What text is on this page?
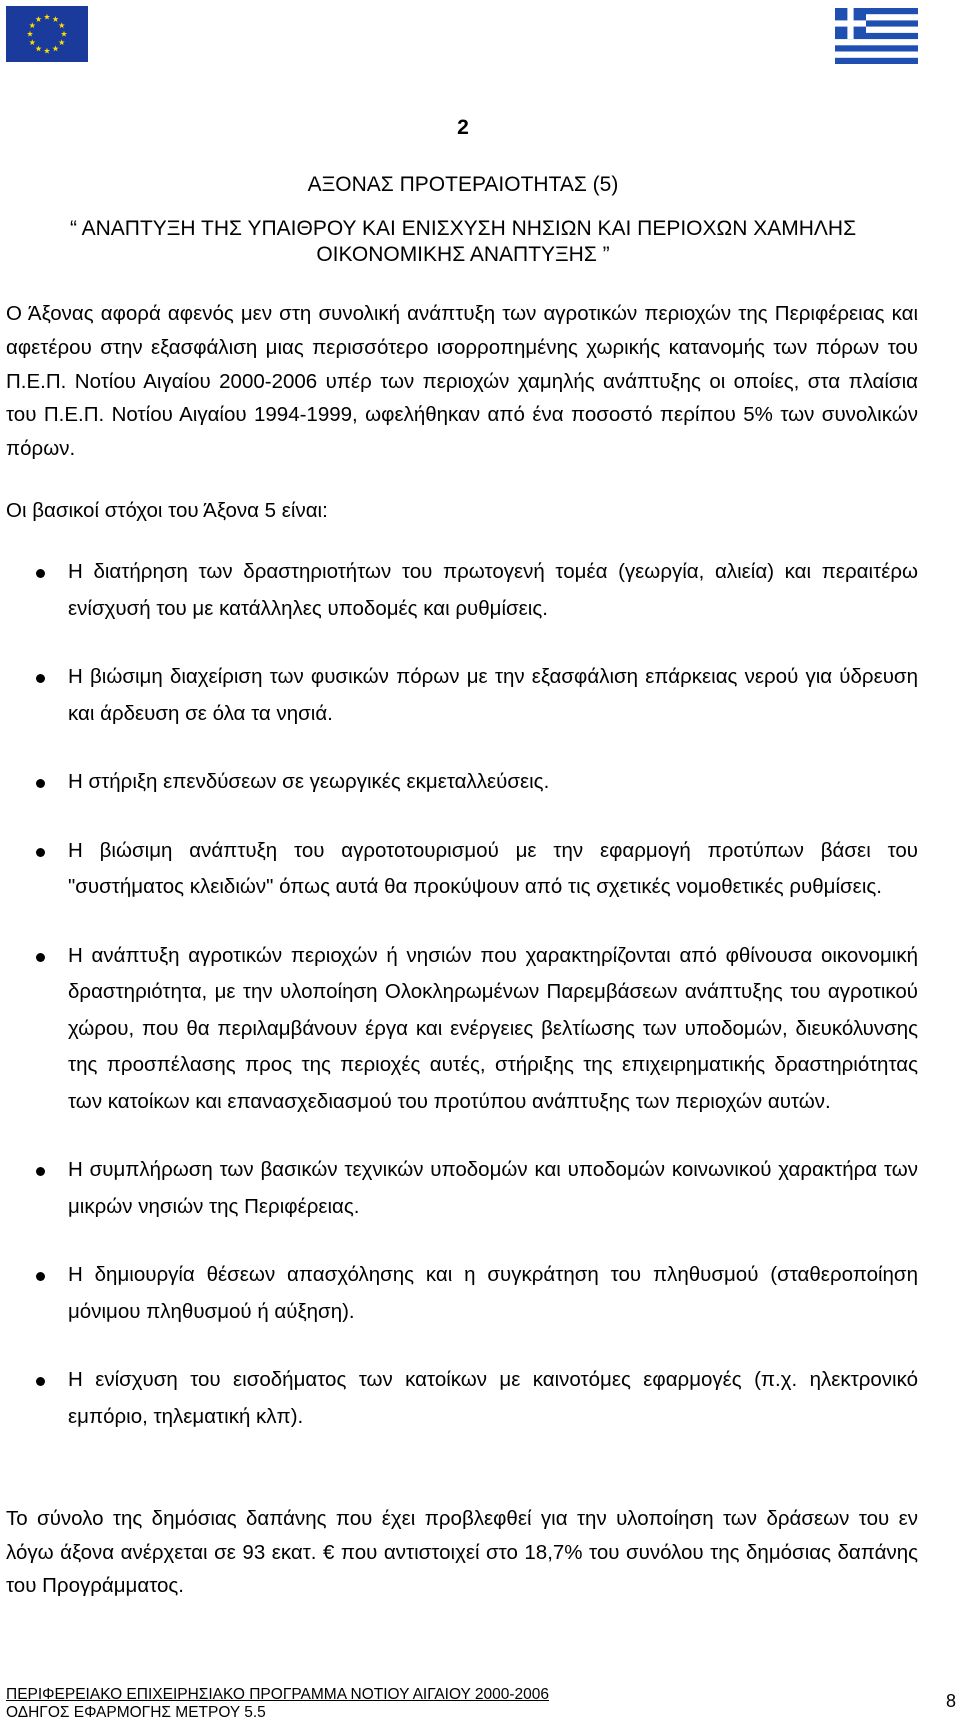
2
ΑΞΟΝΑΣ ΠΡΟΤΕΡΑΙΟΤΗΤΑΣ (5)
“ ΑΝΑΠΤΥΞΗ ΤΗΣ ΥΠΑΙΘΡΟΥ ΚΑΙ ΕΝΙΣΧΥΣΗ ΝΗΣΙΩΝ ΚΑΙ ΠΕΡΙΟΧΩΝ ΧΑΜΗΛΗΣ ΟΙΚΟΝΟΜΙΚΗΣ ΑΝΑΠΤΥΞΗΣ ”

Ο Άξονας αφορά αφενός μεν στη συνολική ανάπτυξη των αγροτικών περιοχών της Περιφέρειας και αφετέρου στην εξασφάλιση μιας περισσότερο ισορροπημένης χωρικής κατανομής των πόρων του Π.Ε.Π. Νοτίου Αιγαίου 2000-2006 υπέρ των περιοχών χαμηλής ανάπτυξης οι οποίες, στα πλαίσια του Π.Ε.Π. Νοτίου Αιγαίου 1994-1999, ωφελήθηκαν από ένα ποσοστό περίπου 5% των συνολικών πόρων.

Οι βασικοί στόχοι του Άξονα 5 είναι:
Η διατήρηση των δραστηριοτήτων του πρωτογενή τομέα (γεωργία, αλιεία) και περαιτέρω ενίσχυσή του με κατάλληλες υποδομές και ρυθμίσεις.
Η βιώσιμη διαχείριση των φυσικών πόρων με την εξασφάλιση επάρκειας νερού για ύδρευση και άρδευση σε όλα τα νησιά.
Η στήριξη επενδύσεων σε γεωργικές εκμεταλλεύσεις.
Η βιώσιμη ανάπτυξη του αγροτοτουρισμού με την εφαρμογή προτύπων βάσει του "συστήματος κλειδιών" όπως αυτά θα προκύψουν από τις σχετικές νομοθετικές ρυθμίσεις.
Η ανάπτυξη αγροτικών περιοχών ή νησιών που χαρακτηρίζονται από φθίνουσα οικονομική δραστηριότητα, με την υλοποίηση Ολοκληρωμένων Παρεμβάσεων ανάπτυξης του αγροτικού χώρου, που θα περιλαμβάνουν έργα και ενέργειες βελτίωσης των υποδομών, διευκόλυνσης της προσπέλασης προς της περιοχές αυτές, στήριξης της επιχειρηματικής δραστηριότητας των κατοίκων και επανασχεδιασμού του προτύπου ανάπτυξης των περιοχών αυτών.
Η συμπλήρωση των βασικών τεχνικών υποδομών και υποδομών κοινωνικού χαρακτήρα των μικρών νησιών της Περιφέρειας.
Η δημιουργία θέσεων απασχόλησης και η συγκράτηση του πληθυσμού (σταθεροποίηση μόνιμου πληθυσμού ή αύξηση).
Η ενίσχυση του εισοδήματος των κατοίκων με καινοτόμες εφαρμογές (π.χ. ηλεκτρονικό εμπόριο, τηλεματική κλπ).

Το σύνολο της δημόσιας δαπάνης που έχει προβλεφθεί για την υλοποίηση των δράσεων του εν λόγω άξονα ανέρχεται σε 93 εκατ. € που αντιστοιχεί στο 18,7% του συνόλου της δημόσιας δαπάνης του Προγράμματος.

ΠΕΡΙΦΕΡΕΙΑΚΟ ΕΠΙΧΕΙΡΗΣΙΑΚΟ ΠΡΟΓΡΑΜΜΑ ΝΟΤΙΟΥ ΑΙΓΑΙΟΥ 2000-2006
ΟΔΗΓΟΣ ΕΦΑΡΜΟΓΗΣ ΜΕΤΡΟΥ 5.5
8
